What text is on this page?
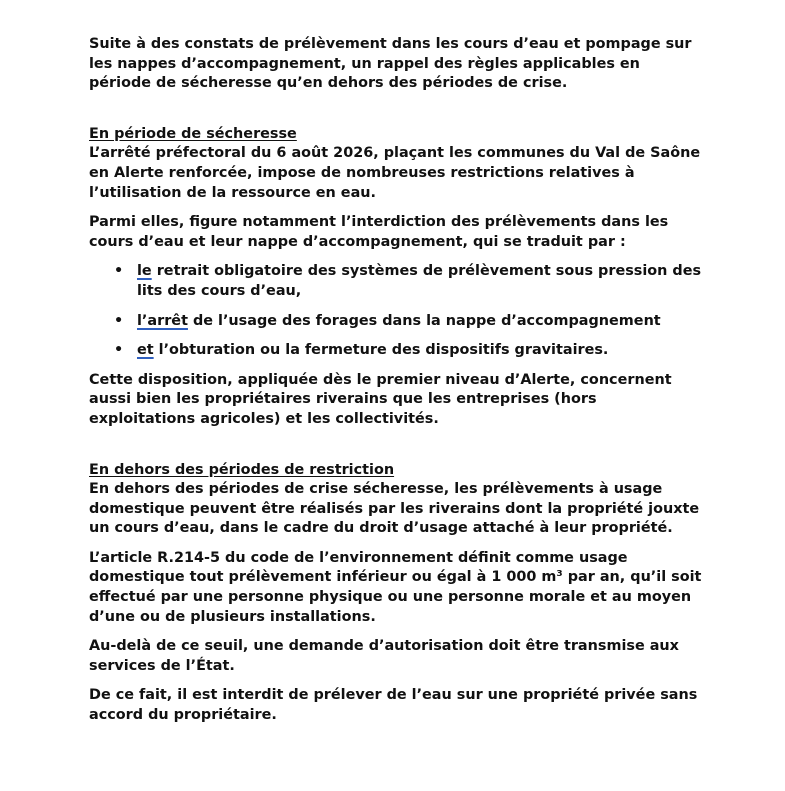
Suite à des constats de prélèvement dans les cours d’eau et pompage sur les nappes d’accompagnement, un rappel des règles applicables en période de sécheresse qu’en dehors des périodes de crise.

En période de sécheresse

L’arrêté préfectoral du 6 août 2026, plaçant les communes du Val de Saône en Alerte renforcée, impose de nombreuses restrictions relatives à l’utilisation de la ressource en eau.

Parmi elles, figure notamment l’interdiction des prélèvements dans les cours d’eau et leur nappe d’accompagnement, qui se traduit par :

• le retrait obligatoire des systèmes de prélèvement sous pression des lits des cours d’eau,
• l’arrêt de l’usage des forages dans la nappe d’accompagnement
• et l’obturation ou la fermeture des dispositifs gravitaires.

Cette disposition, appliquée dès le premier niveau d’Alerte, concernent aussi bien les propriétaires riverains que les entreprises (hors exploitations agricoles) et les collectivités.

En dehors des périodes de restriction

En dehors des périodes de crise sécheresse, les prélèvements à usage domestique peuvent être réalisés par les riverains dont la propriété jouxte un cours d’eau, dans le cadre du droit d’usage attaché à leur propriété.

L’article R.214-5 du code de l’environnement définit comme usage domestique tout prélèvement inférieur ou égal à 1 000 m³ par an, qu’il soit effectué par une personne physique ou une personne morale et au moyen d’une ou de plusieurs installations.

Au-delà de ce seuil, une demande d’autorisation doit être transmise aux services de l’État.

De ce fait, il est interdit de prélever de l’eau sur une propriété privée sans accord du propriétaire.
